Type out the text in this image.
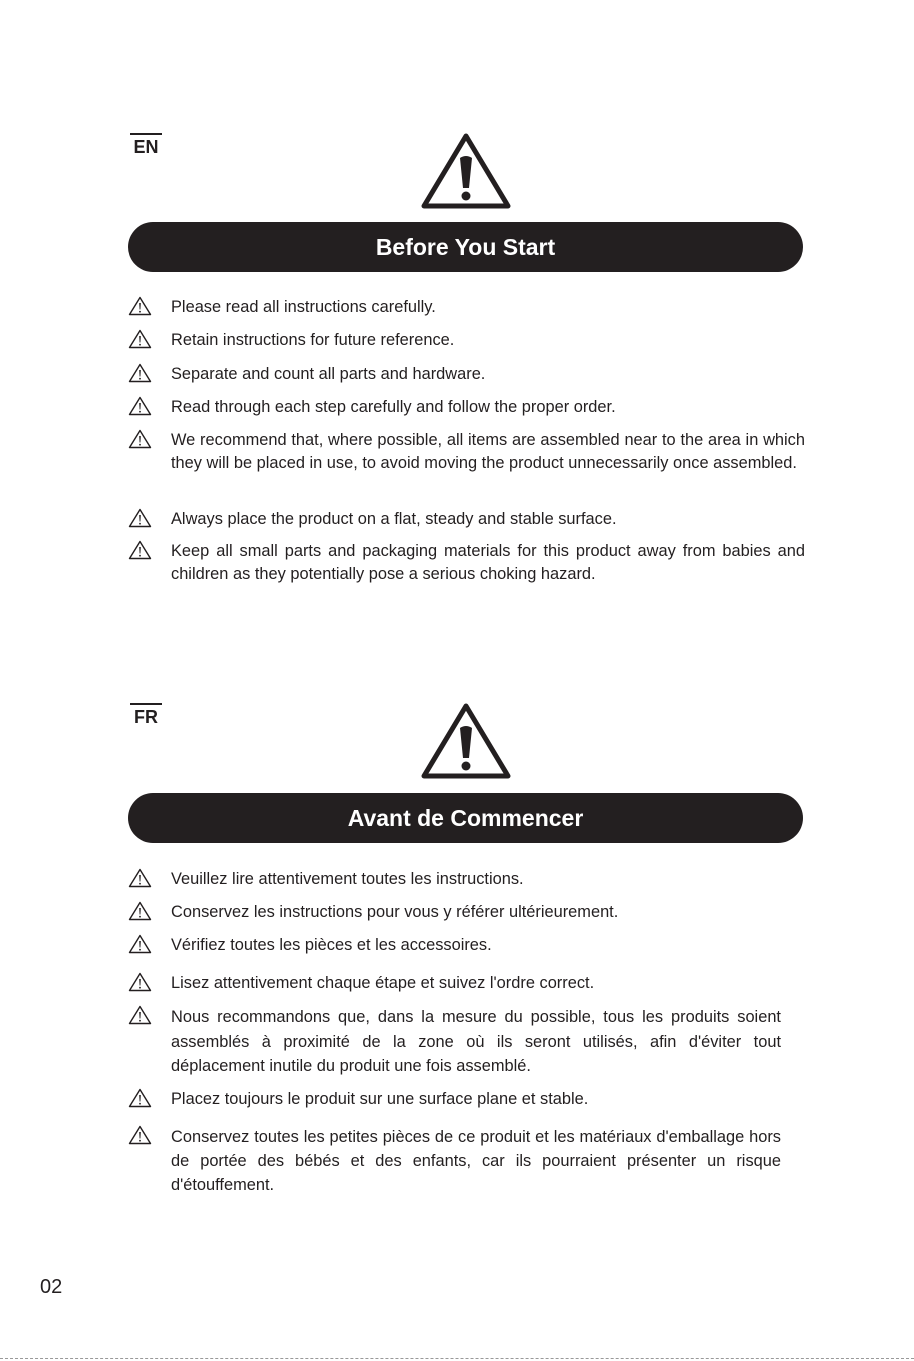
EN
Before You Start
Please read all instructions carefully.
Retain instructions for future reference.
Separate and count all parts and hardware.
Read through each step carefully and follow the proper order.
We recommend that, where possible, all items are assembled near to the area in which they will be placed in use, to avoid moving the product unnecessarily once assembled.
Always place the product on a flat, steady and stable surface.
Keep all small parts and packaging materials for this product away from babies and children as they potentially pose a serious choking hazard.
FR
Avant de Commencer
Veuillez lire attentivement toutes les instructions.
Conservez les instructions pour vous y référer ultérieurement.
Vérifiez toutes les pièces et les accessoires.
Lisez attentivement chaque étape et suivez l'ordre correct.
Nous recommandons que, dans la mesure du possible, tous les produits soient assemblés à proximité de la zone où ils seront utilisés, afin d'éviter tout déplacement inutile du produit une fois assemblé.
Placez toujours le produit sur une surface plane et stable.
Conservez toutes les petites pièces de ce produit et les matériaux d'emballage hors de portée des bébés et des enfants, car ils pourraient présenter un risque d'étouffement.
02
